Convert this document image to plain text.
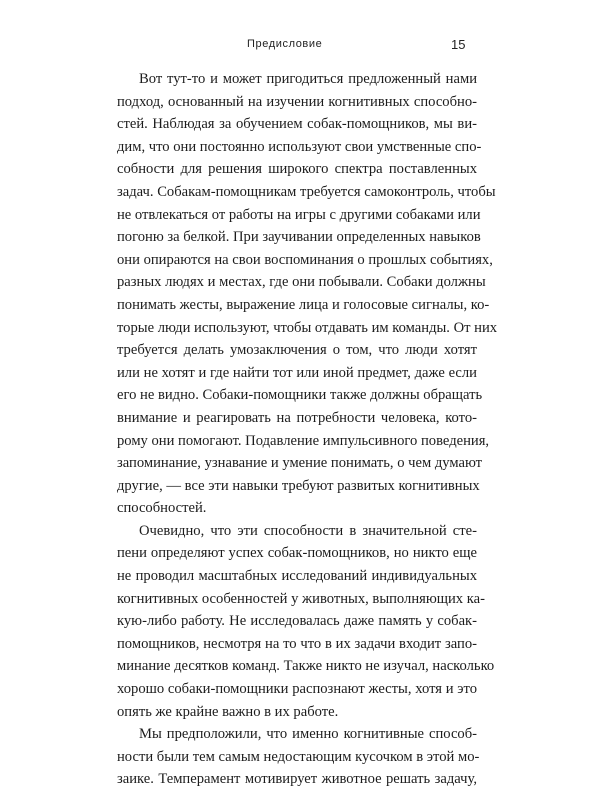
Предисловие	15

Вот тут-то и может пригодиться предложенный нами
подход, основанный на изучении когнитивных способно-
стей. Наблюдая за обучением собак-помощников, мы ви-
дим, что они постоянно используют свои умственные спо-
собности для решения широкого спектра поставленных
задач. Собакам-помощникам требуется самоконтроль, чтобы
не отвлекаться от работы на игры с другими собаками или
погоню за белкой. При заучивании определенных навыков
они опираются на свои воспоминания о прошлых событиях,
разных людях и местах, где они побывали. Собаки должны
понимать жесты, выражение лица и голосовые сигналы, ко-
торые люди используют, чтобы отдавать им команды. От них
требуется делать умозаключения о том, что люди хотят
или не хотят и где найти тот или иной предмет, даже если
его не видно. Собаки-помощники также должны обращать
внимание и реагировать на потребности человека, кото-
рому они помогают. Подавление импульсивного поведения,
запоминание, узнавание и умение понимать, о чем думают
другие, — все эти навыки требуют развитых когнитивных
способностей.

Очевидно, что эти способности в значительной сте-
пени определяют успех собак-помощников, но никто еще
не проводил масштабных исследований индивидуальных
когнитивных особенностей у животных, выполняющих ка-
кую-либо работу. Не исследовалась даже память у собак-
помощников, несмотря на то что в их задачи входит запо-
минание десятков команд. Также никто не изучал, насколько
хорошо собаки-помощники распознают жесты, хотя и это
опять же крайне важно в их работе.

Мы предположили, что именно когнитивные способ-
ности были тем самым недостающим кусочком в этой мо-
заике. Темперамент мотивирует животное решать задачу,
